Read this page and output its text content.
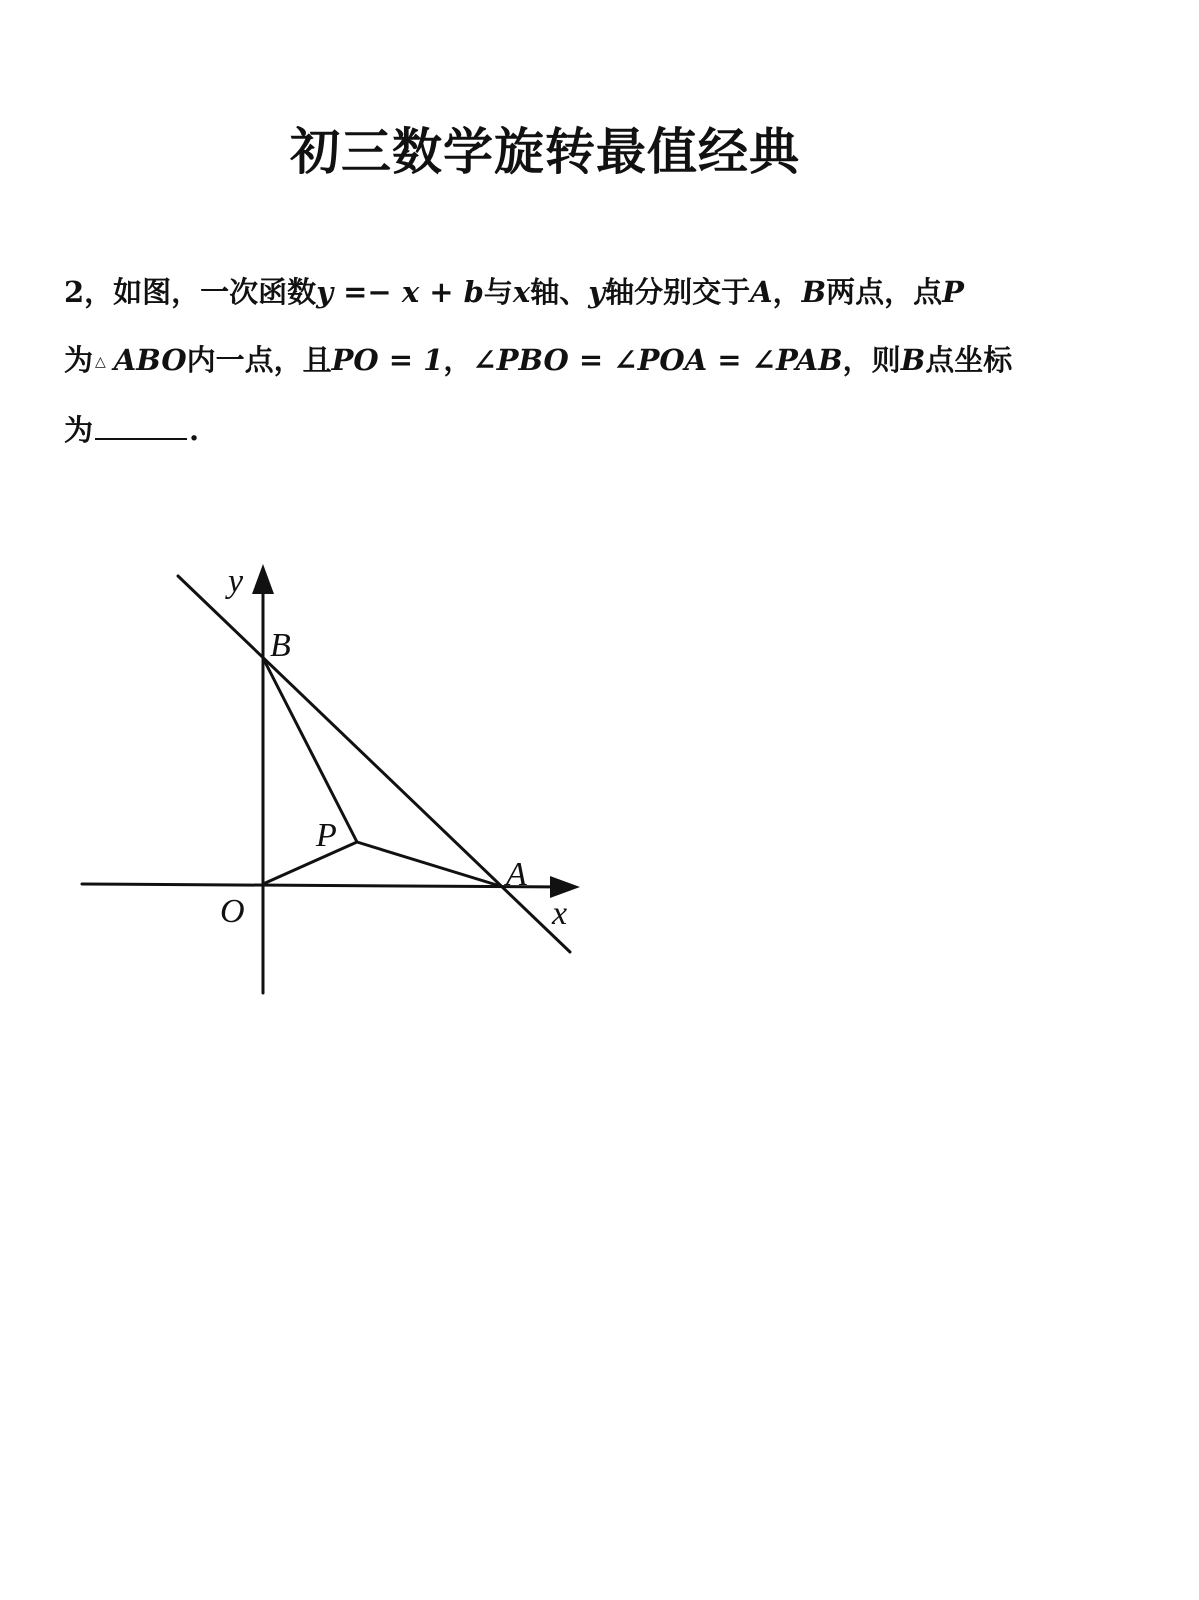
初三数学旋转最值经典
2，如图，一次函数y =− x + b与x轴、y轴分别交于A，B两点，点P
为 △ ABO内一点，且PO = 1，∠PBO = ∠POA = ∠PAB，则B点坐标
为	.
y
x
O
A
B
P
